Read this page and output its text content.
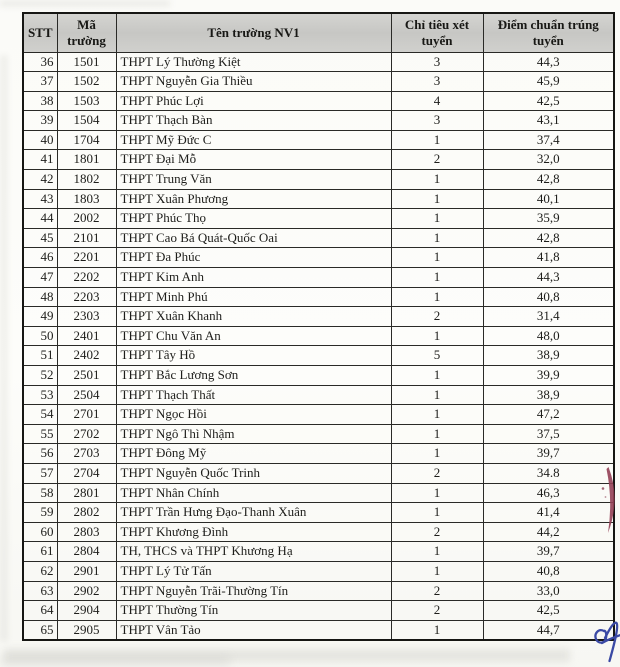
STT	Mã trường	Tên trường NV1	Chỉ tiêu xét tuyển	Điểm chuẩn trúng tuyển
36	1501	THPT Lý Thường Kiệt	3	44,3
37	1502	THPT Nguyễn Gia Thiều	3	45,9
38	1503	THPT Phúc Lợi	4	42,5
39	1504	THPT Thạch Bàn	3	43,1
40	1704	THPT Mỹ Đức C	1	37,4
41	1801	THPT Đại Mỗ	2	32,0
42	1802	THPT Trung Văn	1	42,8
43	1803	THPT Xuân Phương	1	40,1
44	2002	THPT Phúc Thọ	1	35,9
45	2101	THPT Cao Bá Quát-Quốc Oai	1	42,8
46	2201	THPT Đa Phúc	1	41,8
47	2202	THPT Kim Anh	1	44,3
48	2203	THPT Minh Phú	1	40,8
49	2303	THPT Xuân Khanh	2	31,4
50	2401	THPT Chu Văn An	1	48,0
51	2402	THPT Tây Hồ	5	38,9
52	2501	THPT Bắc Lương Sơn	1	39,9
53	2504	THPT Thạch Thất	1	38,9
54	2701	THPT Ngọc Hồi	1	47,2
55	2702	THPT Ngô Thì Nhậm	1	37,5
56	2703	THPT Đông Mỹ	1	39,7
57	2704	THPT Nguyễn Quốc Trinh	2	34.8
58	2801	THPT Nhân Chính	1	46,3
59	2802	THPT Trần Hưng Đạo-Thanh Xuân	1	41,4
60	2803	THPT Khương Đình	2	44,2
61	2804	TH, THCS và THPT Khương Hạ	1	39,7
62	2901	THPT Lý Tử Tấn	1	40,8
63	2902	THPT Nguyễn Trãi-Thường Tín	2	33,0
64	2904	THPT Thường Tín	2	42,5
65	2905	THPT Vân Tảo	1	44,7
